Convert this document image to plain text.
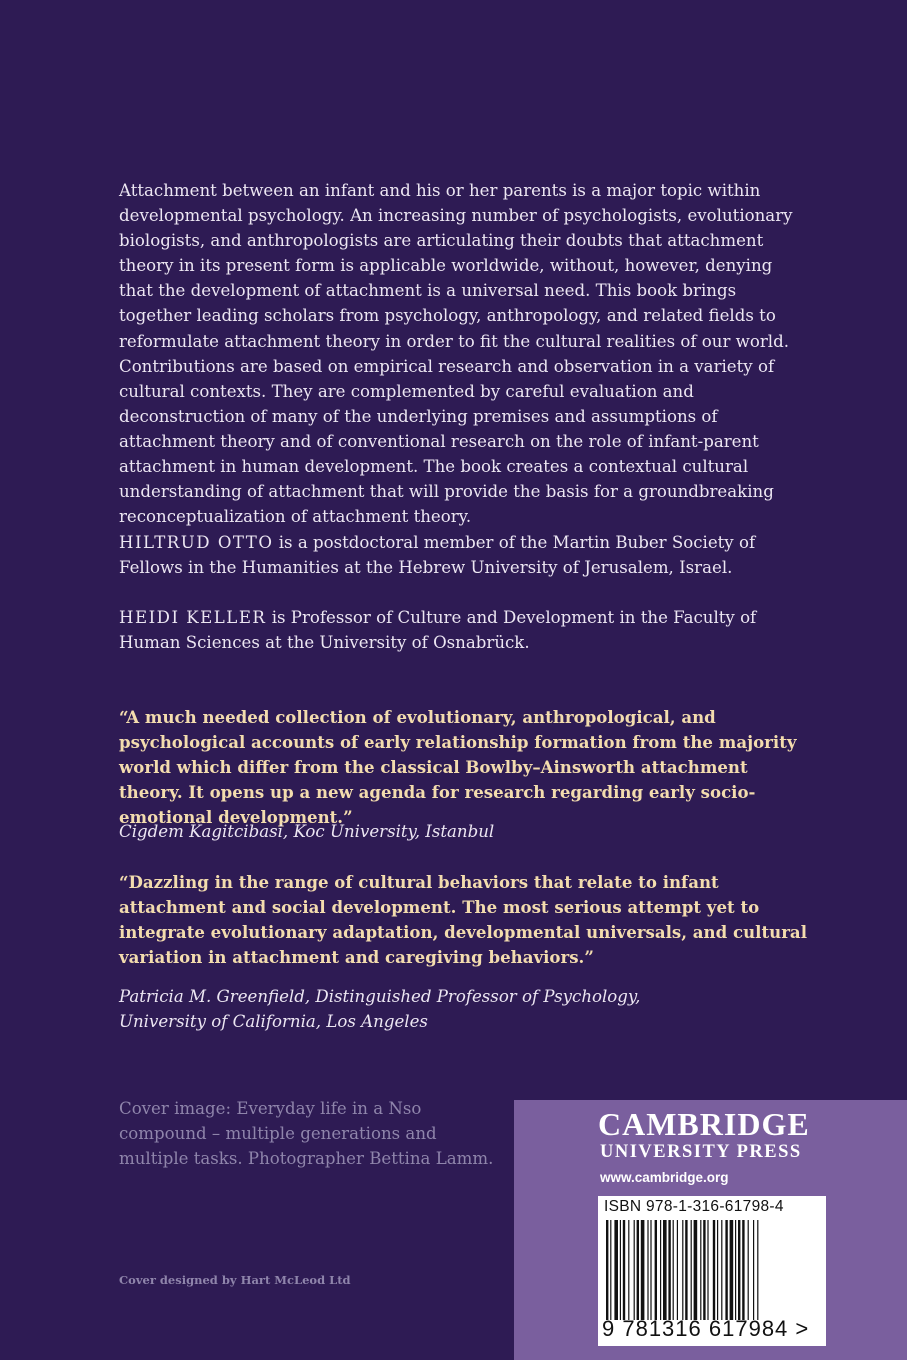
Attachment between an infant and his or her parents is a major topic within developmental psychology. An increasing number of psychologists, evolutionary biologists, and anthropologists are articulating their doubts that attachment theory in its present form is applicable worldwide, without, however, denying that the development of attachment is a universal need. This book brings together leading scholars from psychology, anthropology, and related fields to reformulate attachment theory in order to fit the cultural realities of our world. Contributions are based on empirical research and observation in a variety of cultural contexts. They are complemented by careful evaluation and deconstruction of many of the underlying premises and assumptions of attachment theory and of conventional research on the role of infant-parent attachment in human development. The book creates a contextual cultural understanding of attachment that will provide the basis for a groundbreaking reconceptualization of attachment theory.

HILTRUD OTTO is a postdoctoral member of the Martin Buber Society of Fellows in the Humanities at the Hebrew University of Jerusalem, Israel.

HEIDI KELLER is Professor of Culture and Development in the Faculty of Human Sciences at the University of Osnabrück.

“A much needed collection of evolutionary, anthropological, and psychological accounts of early relationship formation from the majority world which differ from the classical Bowlby–Ainsworth attachment theory. It opens up a new agenda for research regarding early socio-emotional development.”

Cigdem Kagitcibasi, Koc University, Istanbul

“Dazzling in the range of cultural behaviors that relate to infant attachment and social development. The most serious attempt yet to integrate evolutionary adaptation, developmental universals, and cultural variation in attachment and caregiving behaviors.”

Patricia M. Greenfield, Distinguished Professor of Psychology,
University of California, Los Angeles

Cover image: Everyday life in a Nso compound – multiple generations and multiple tasks. Photographer Bettina Lamm.

Cover designed by Hart McLeod Ltd

CAMBRIDGE

UNIVERSITY PRESS

www.cambridge.org

ISBN 978-1-316-61798-4

9 781316 617984 >
